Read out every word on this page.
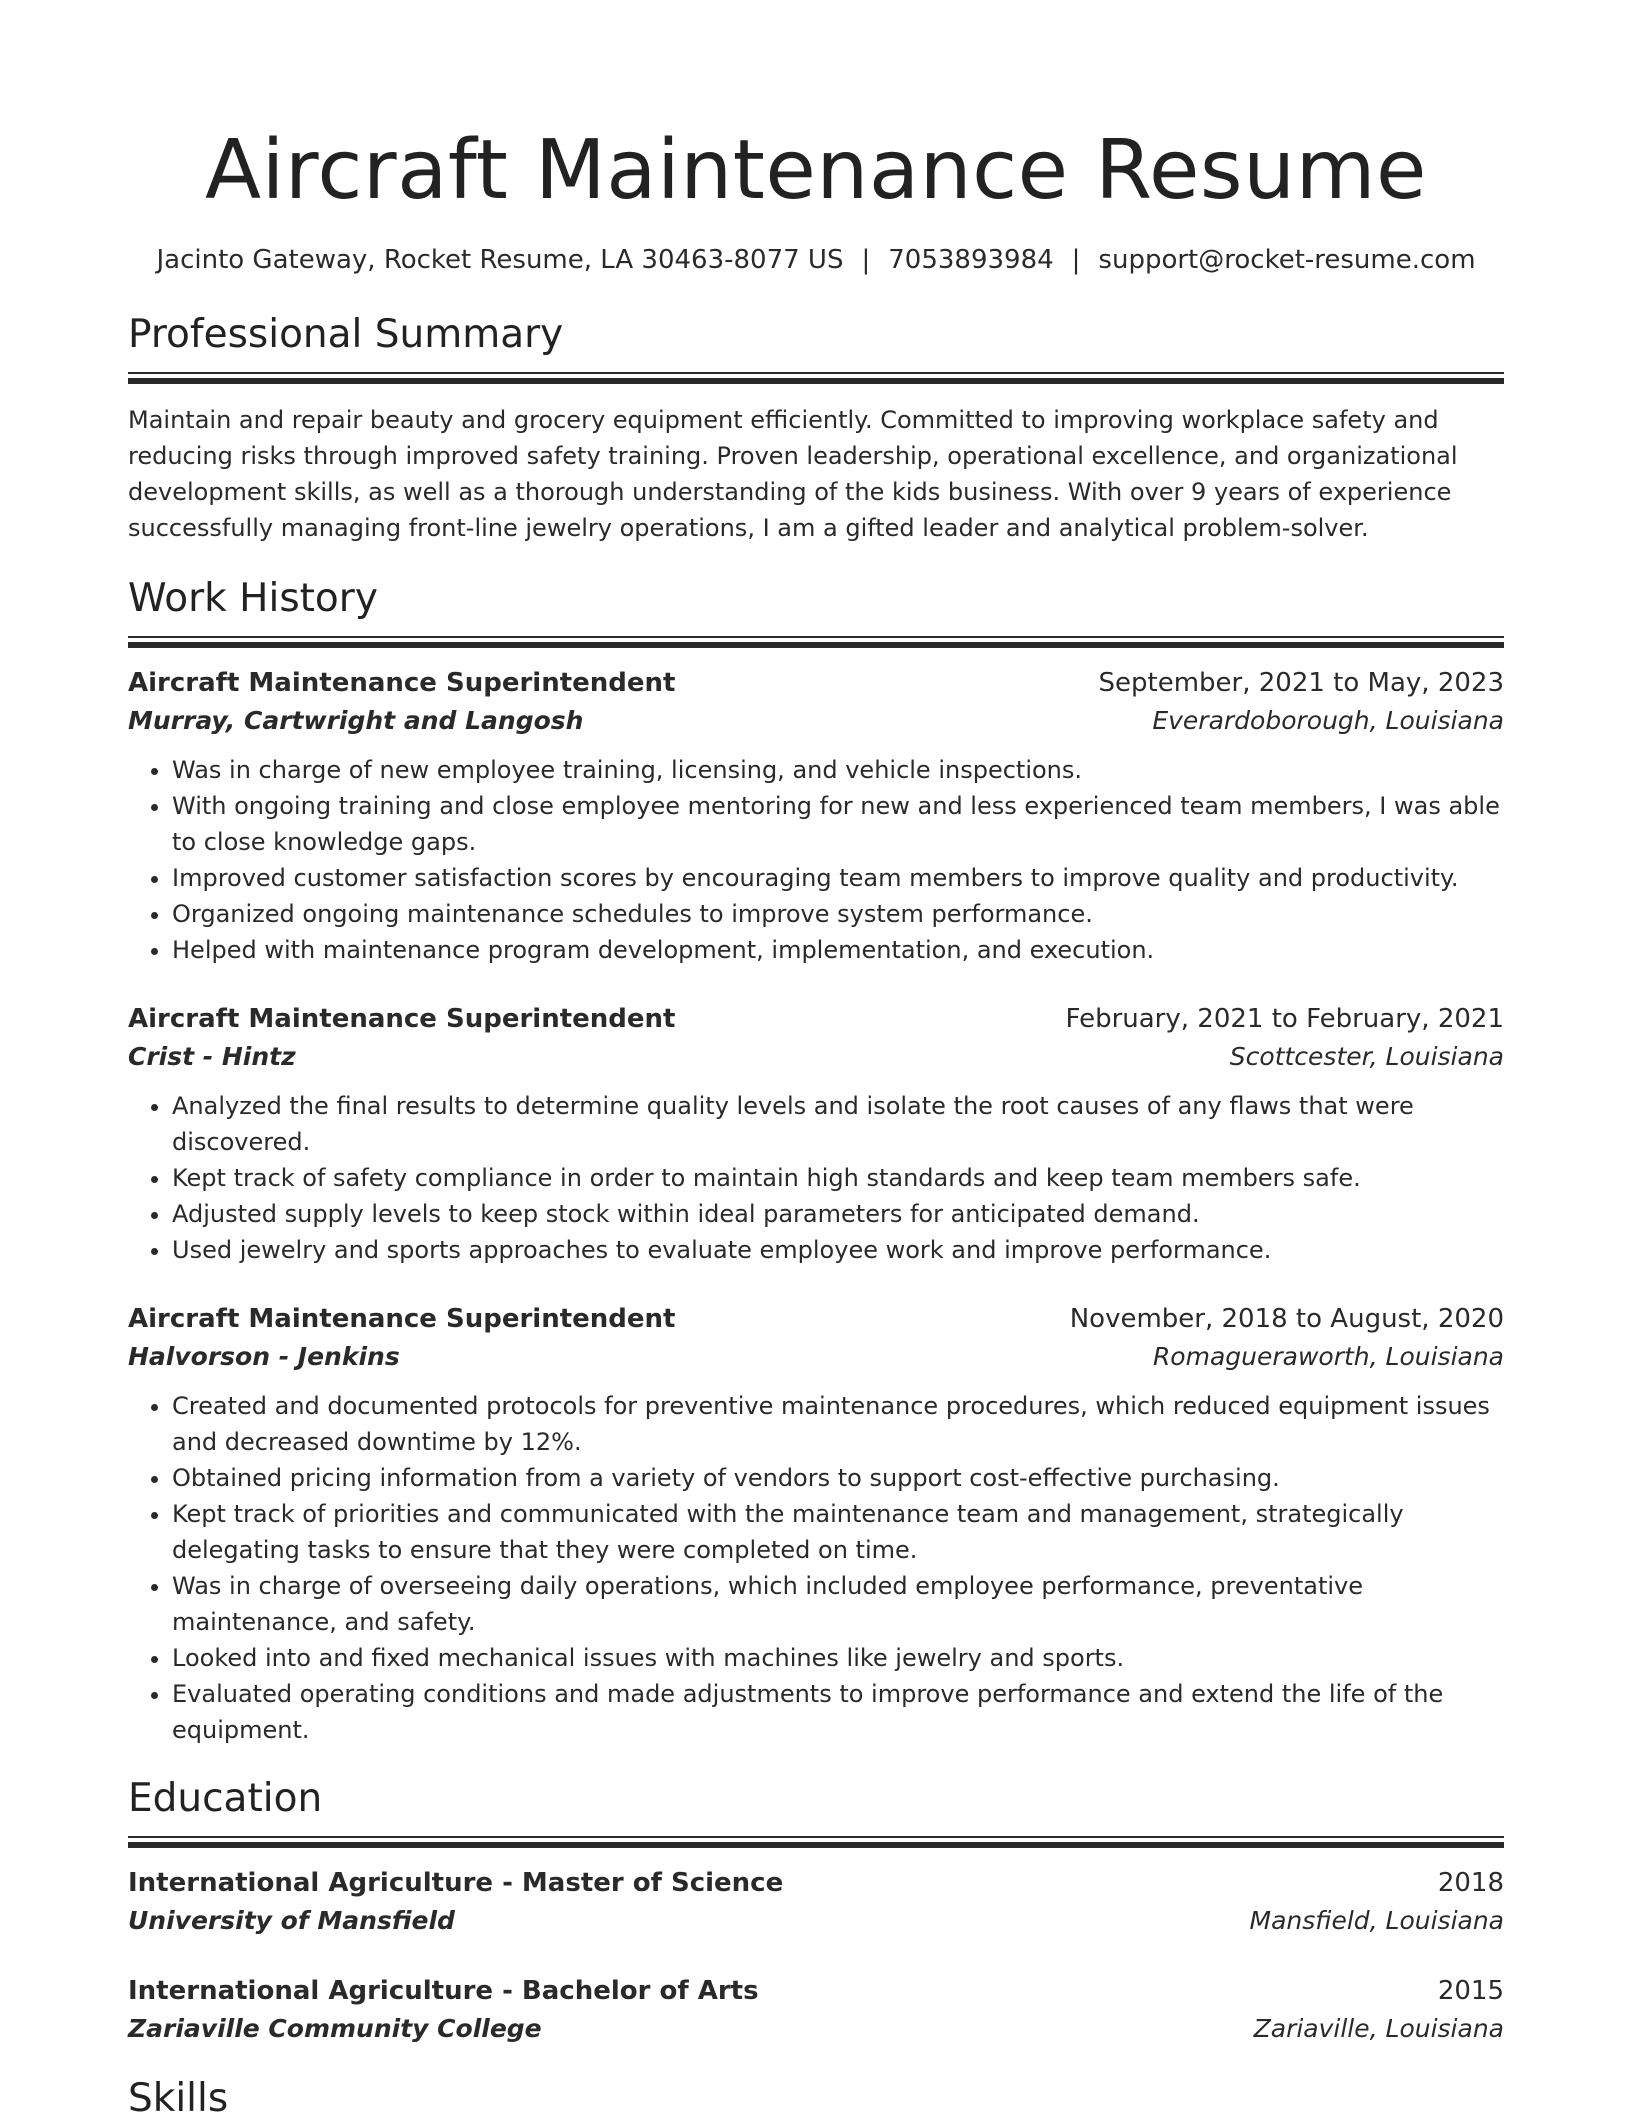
Aircraft Maintenance Resume
Jacinto Gateway, Rocket Resume, LA 30463-8077 US | 7053893984 | support@rocket-resume.com
Professional Summary
Maintain and repair beauty and grocery equipment efficiently. Committed to improving workplace safety and reducing risks through improved safety training. Proven leadership, operational excellence, and organizational development skills, as well as a thorough understanding of the kids business. With over 9 years of experience successfully managing front-line jewelry operations, I am a gifted leader and analytical problem-solver.
Work History
Aircraft Maintenance Superintendent	September, 2021 to May, 2023
Murray, Cartwright and Langosh	Everardoborough, Louisiana
• Was in charge of new employee training, licensing, and vehicle inspections.
• With ongoing training and close employee mentoring for new and less experienced team members, I was able to close knowledge gaps.
• Improved customer satisfaction scores by encouraging team members to improve quality and productivity.
• Organized ongoing maintenance schedules to improve system performance.
• Helped with maintenance program development, implementation, and execution.
Aircraft Maintenance Superintendent	February, 2021 to February, 2021
Crist - Hintz	Scottcester, Louisiana
• Analyzed the final results to determine quality levels and isolate the root causes of any flaws that were discovered.
• Kept track of safety compliance in order to maintain high standards and keep team members safe.
• Adjusted supply levels to keep stock within ideal parameters for anticipated demand.
• Used jewelry and sports approaches to evaluate employee work and improve performance.
Aircraft Maintenance Superintendent	November, 2018 to August, 2020
Halvorson - Jenkins	Romagueraworth, Louisiana
• Created and documented protocols for preventive maintenance procedures, which reduced equipment issues and decreased downtime by 12%.
• Obtained pricing information from a variety of vendors to support cost-effective purchasing.
• Kept track of priorities and communicated with the maintenance team and management, strategically delegating tasks to ensure that they were completed on time.
• Was in charge of overseeing daily operations, which included employee performance, preventative maintenance, and safety.
• Looked into and fixed mechanical issues with machines like jewelry and sports.
• Evaluated operating conditions and made adjustments to improve performance and extend the life of the equipment.
Education
International Agriculture - Master of Science	2018
University of Mansfield	Mansfield, Louisiana
International Agriculture - Bachelor of Arts	2015
Zariaville Community College	Zariaville, Louisiana
Skills
